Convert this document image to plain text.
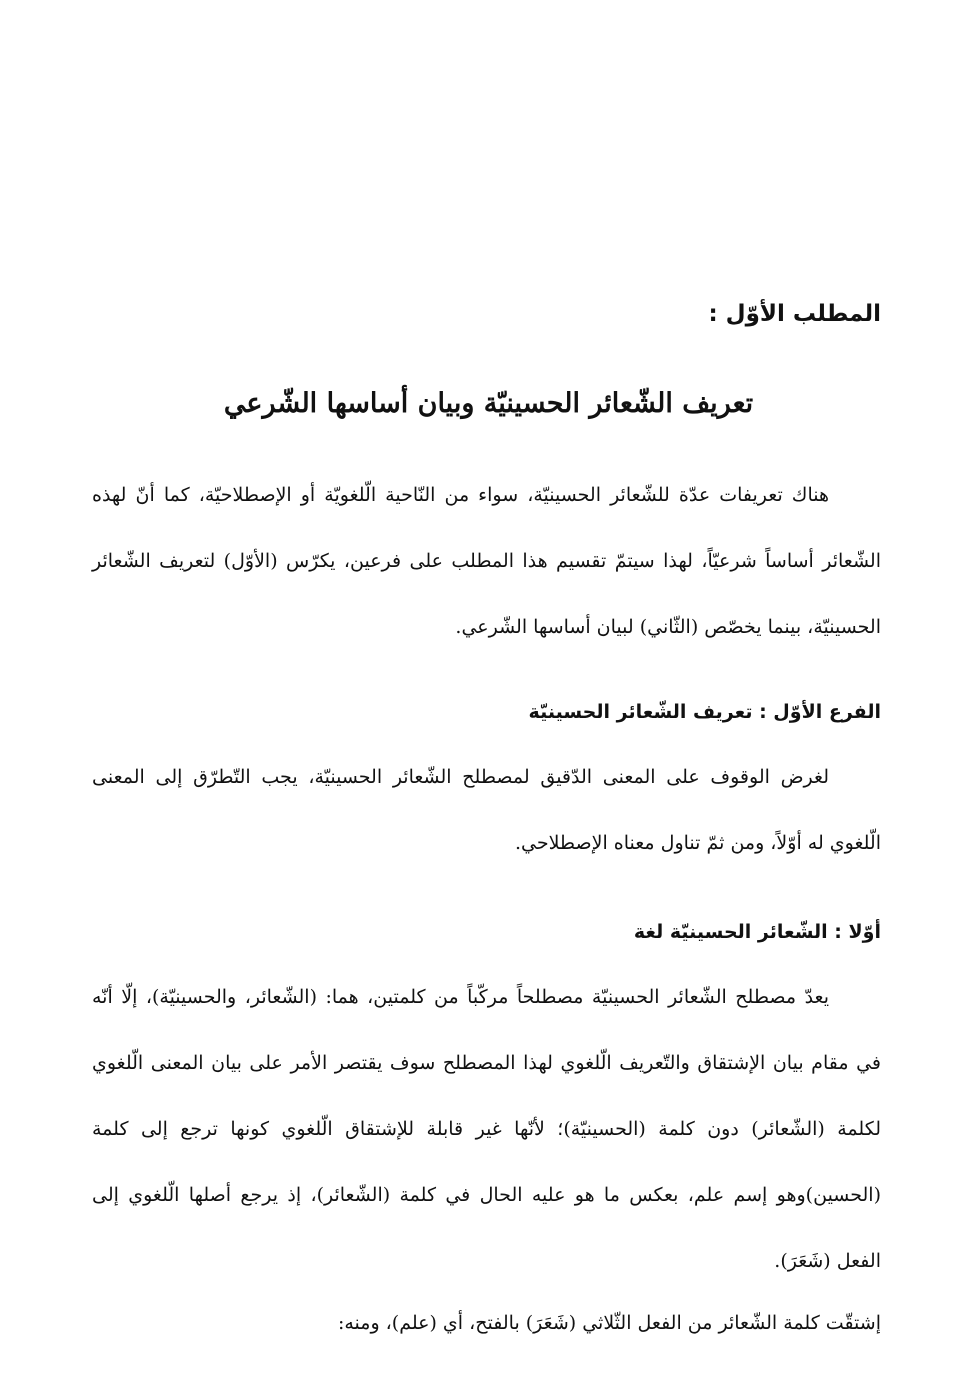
المطلب الأوّل :
تعريف الشّعائر الحسينيّة وبيان أساسها الشّرعي

هناك تعريفات عدّة للشّعائر الحسينيّة، سواء من النّاحية الّلغويّة أو الإصطلاحيّة، كما أنّ لهذه الشّعائر أساساً شرعيّاً، لهذا سيتمّ تقسيم هذا المطلب على فرعين، يكرّس (الأوّل) لتعريف الشّعائر الحسينيّة، بينما يخصّص (الثّاني) لبيان أساسها الشّرعي.

الفرع الأوّل : تعريف الشّعائر الحسينيّة

لغرض الوقوف على المعنى الدّقيق لمصطلح الشّعائر الحسينيّة، يجب التّطرّق إلى المعنى الّلغوي له أوّلاً، ومن ثمّ تناول معناه الإصطلاحي.

أوّلا : الشّعائر الحسينيّة لغة

يعدّ مصطلح الشّعائر الحسينيّة مصطلحاً مركّباً من كلمتين، هما: (الشّعائر، والحسينيّة)، إلّا أنّه في مقام بيان الإشتقاق والتّعريف الّلغوي لهذا المصطلح سوف يقتصر الأمر على بيان المعنى الّلغوي لكلمة (الشّعائر) دون كلمة (الحسينيّة)؛ لأنّها غير قابلة للإشتقاق الّلغوي كونها ترجع إلى كلمة (الحسين)وهو إسم علم، بعكس ما هو عليه الحال في كلمة (الشّعائر)، إذ يرجع أصلها الّلغوي إلى الفعل (شَعَرَ).

إشتقّت كلمة الشّعائر من الفعل الثّلاثي (شَعَرَ) بالفتح، أي (علم)، ومنه:
